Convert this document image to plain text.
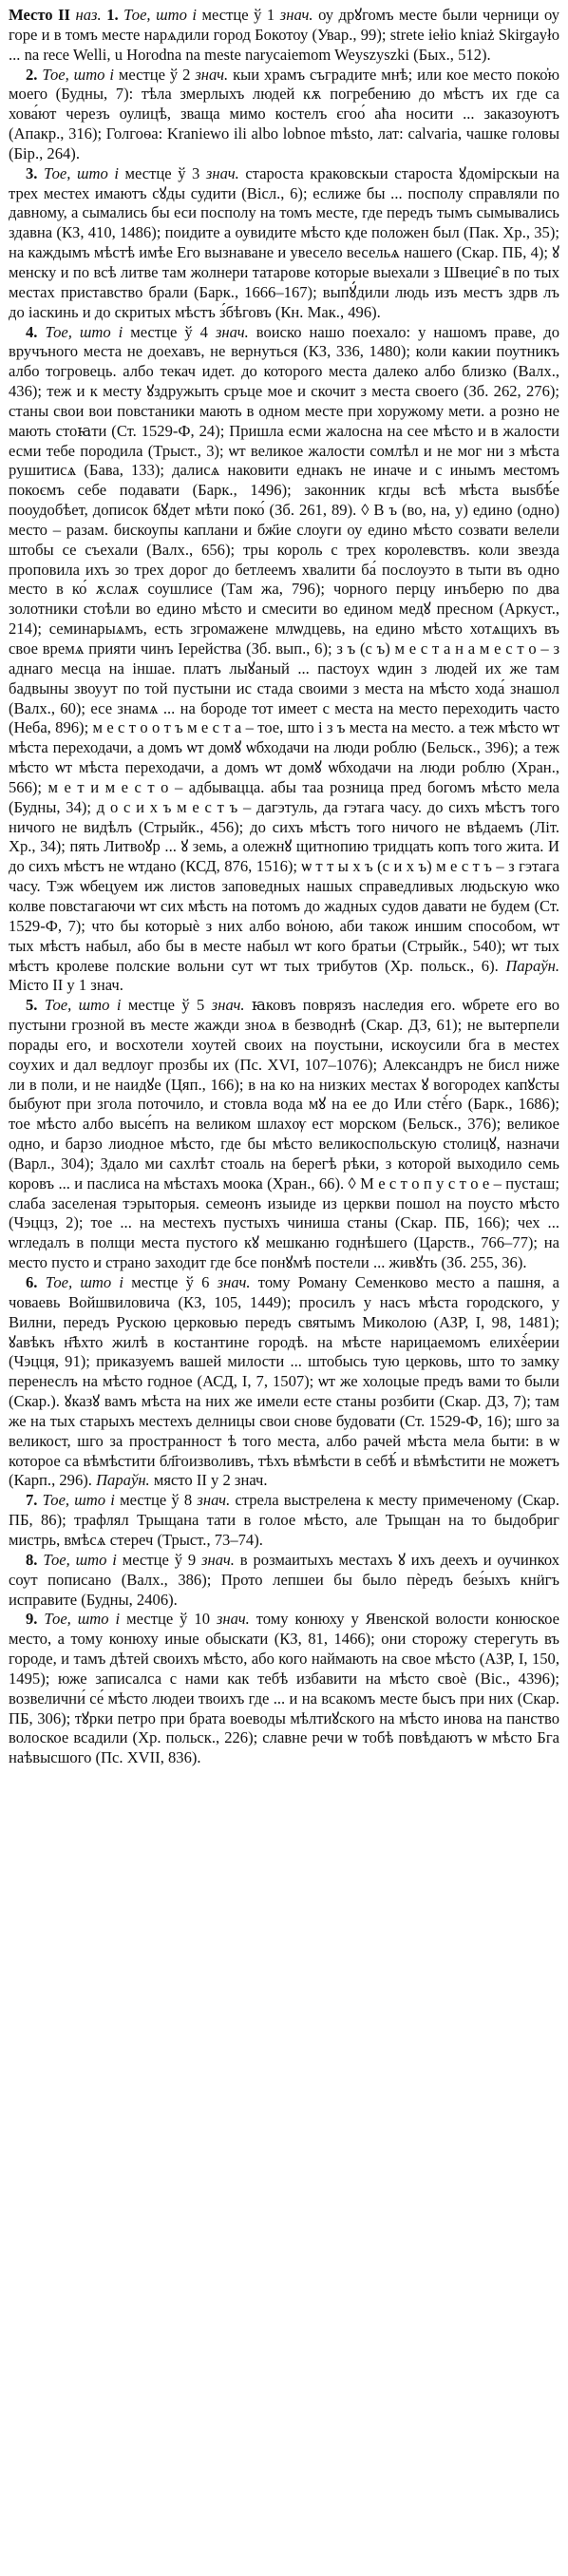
Место II наз. 1. Тое, што і местце ў 1 знач. оу дрꙋгомъ месте были черници оу горе и в томъ месте нарѧдили город Бокотоу (Увар., 99); strete iełio kniaż Skirgayło ... na rece Welli, u Horodna na meste narycaiemom Weyszyszki (Бых., 512).

2. Тое, што і местце ў 2 знач. кыи храмъ съградите мнѣ; или кое место поко҆ю моего (Будны, 7): тѣла змерлыхъ людей кѫ погребению до мѣстъ их где са хова́ют черезъ оулицѣ, зваща мимо костелъ єгоо́ аћа носити ... заказоуютъ (Апакр., 316); Голгоѳа: Kraniеwo ili albo lobnoe mѣsto, лат: calvaria, чашке головы (Бір., 264).

3. Тое, што і местце ў 3 знач. староста краковскыи староста ꙋдомiрскыи на трех местех имаютъ сꙋды судити (Віcл., 6); еслиже бы ... посполу справляли по давному, а сымались бы еси посполу на томъ месте, где передъ тымъ сымывались здавна (КЗ, 410, 1486); поидите а оувидите мѣсто кде положен был (Пак. Хр., 35); на каждымъ мѣстѣ имѣе Его вызнаване и увесело весельѧ нашего (Скар. ПБ, 4); ꙋ менску и по всѣ литве там жолнери татарове которые выехали з Швецие̑ в по тых местах приставство брали (Барк., 1666–167); выпꙋ́дили людь изъ местъ здрв лъ до іаскинь и до скритых мѣстъ з́бѣговъ (Кн. Мак., 496).

4. Тое, што і местце ў 4 знач. воиско нашо поехало: у нашомъ праве, до вручъного места не доехавъ, не вернуться (КЗ, 336, 1480); коли какии поутникъ албо тогровець. албо текач идет. до которого места далеко албо близко (Валх., 436); теж и к месту ꙋздружыть сръце мое и скочит з места своего (Зб. 262, 276); станы свои вои повстаники мають в одном месте при хоружому мети. а розно не мають стоꙗти (Ст. 1529-Ф, 24); Пришла есми жалосна на сее мѣсто и в жалости есми тебе породила (Трыст., 3); ѡт великое жалости сомлѣл и не мог ни з мѣста рушитисѧ (Бава, 133); далисѧ наковити еднакъ не иначе и с инымъ меcтомъ покоємъ себе подавати (Барк., 1496); законник кгды всѣ мѣста выѕбѣ́е пооудобѣет, дописок бꙋдет мѣти поко́ (Зб. 261, 89). ◊ В ъ (во, на, у) едино (одно) место – разам. бискоупы каплани и бж҃ие слоуги оу едино мѣсто созвати велели штобы се съехали (Валх., 656); тры король с трех королевствъ. коли звезда проповила ихъ зо трех дорог до бетлеемъ хвалити ба́ послоуэто в тыти въ одно место в ко́ ѫслаѫ соушлисе (Там жа, 796); чорного перцу инъберю по два золотники стоѣли во едино мѣсто и смесити во едином медꙋ пресном (Аркуст., 214); семинарыѧмъ, есть згромажене млѡдцевь, на едино мѣсто хотѧщихъ въ свое времѧ прияти чинъ Іерейства (Зб. вып., 6); з ъ (с ъ) м е с т а н а м е с т о – з аднаго месца на іншае. платъ лыꙋаный ... пастоух ѡдин з людей их же там бадвыны звоуут по той пустыни ис стада своими з места на мѣсто хода́ знашол (Валх., 60); есе знамѧ ... на бороде тот имеет с места на место переходить часто (Неба, 896); м е с т о о т ъ м е с т а – тое, што і з ъ места на место. а теж мѣсто ѡт мѣста переходачи, а домъ ѡт домꙋ ѡбходачи на люди роблю (Бельск., 396); а теж мѣсто ѡт мѣста переходачи, а домъ ѡт домꙋ ѡбходачи на люди роблю (Хран., 566); м е т и м е с т о – адбывацца. абы таа розница пред богомъ мѣсто мела (Будны, 34); д о с и х ъ м е с т ъ – дагэтуль, да гэтага часу. до сихъ мѣстъ того ничого не видѣлъ (Стрыйк., 456); до сихъ мѣстъ того ничого не вѣдаемъ (Літ. Хр., 34); пять Литвоꙋр ... ꙋ земь, а олежнꙋ щитнопию тридцать копъ того жита. И до сихъ мѣстъ не ѡтдано (КСД, 876, 1516); ѡ т т ы х ъ (с и х ъ) м е с т ъ – з гэтага часу. Тэж ѡбецуем иж листов заповедных нашых справедливых людьскую ѡко колве повстагаючи ѡт сих мѣсть на потомъ до жадных судов давати не будем (Ст. 1529-Ф, 7); что бы которыѐ з них албо во҆ною, аби також иншим способом, ѡт тых мѣстъ набыл, або бы в месте набыл ѡт кого братьи (Стрыйк., 540); ѡт тых мѣстъ кролеве полские вольни сут ѡт тых трибутов (Хр. польск., 6). Параўн. Місто II у 1 знач.

5. Тое, што і местце ў 5 знач. ꙗковъ поврязъ наследия его. ѡбрете его во пустыни грозной въ месте жажди зноѧ в безводнѣ (Скар. ДЗ, 61); не вытерпели порады его, и восхотели хоутей своих на поустыни, искоусили бга в местех соухих и дал ведлоуг прозбы их (Пс. XVI, 107–1076); Александръ не бисл ниже ли в поли, и не наидꙋе (Цяп., 166); в на ко на низких местах ꙋ вогородех капꙋсты быбуют при згола поточило, и стовлa вода мꙋ на ее до Или стѐ́го (Барк., 1686); тое мѣсто албо высе́пъ на великом шлахѹ ест морском (Бельск., 376); великое одно, и барзо лиодное мѣсто, где бы мѣсто великоспольскую столицꙋ, назначи (Варл., 304); Здало ми сахлѣт стоаль на берегѣ рѣки, з которой выходило семь коровъ ... и паслиса на мѣстахъ моока (Хран., 66). ◊ М е с т о п у с т о е – пусташ; слаба заселеная тэрыторыя. семеонъ изыиде из церкви пошол на поусто мѣсто (Чэццз, 2); тое ... на местехъ пустыхъ чиниша станы (Скар. ПБ, 166); чех ... ѡгледалъ в полщи места пустого кꙋ мешканю годнѣшего (Царств., 766–77); на место пусто и страно заходит где бсе понꙋмѣ постели ... живꙋть (Зб. 255, 36).

6. Тое, што і местце ў 6 знач. тому Роману Семенково место а пашня, а човаевь Войшвиловича (КЗ, 105, 1449); просилъ у насъ мѣста городского, у Вилни, передъ Рускою церковью передъ святымъ Миколою (АЗР, I, 98, 1481); ꙋавѣкъ н҃ѣхто жилѣ в костантине городѣ. на мѣсте нарицаемомъ елихѐ́ерии (Чэцця, 91); приказуемъ вашей милости ... штобысь тую церковь, што то замку перенеслъ на мѣсто годное (АСД, I, 7, 1507); ѡт же холоцые предъ вами то были (Скар.). ꙋказꙋ вамъ мѣста на них же имели есте станы розбити (Скар. ДЗ, 7); там же на тых старыхъ местехъ делницы свои снове будовати (Ст. 1529-Ф, 16); шго за великост, шго за пространност ѣ того места, албо рачей мѣста мела быти: в ѡ которое са вѣмѣстити бл҃гоизволивъ, тѣхъ вѣмѣсти в себѣ́ и вѣмѣстити не можетъ (Карп., 296). Параўн. място II у 2 знач.

7. Тое, што і местце ў 8 знач. стрела выстрелена к месту примеченому (Скар. ПБ, 86); трафлял Трыщана тати в голое мѣсто, але Трыщан на то быдобриг мистрь, вмѣсѧ стереч (Трыст., 73–74).

8. Тое, што і местце ў 9 знач. в розмаитыхъ местахъ ꙋ ихъ деехъ и оучинкох соут пописано (Валх., 386); Прото лепшеи бы было пѐредъ без́ыхъ кнӥгъ исправите (Будны, 2406).

9. Тое, што і местце ў 10 знач. тому конюху у Явенской волости конюское место, а тому конюху иные обыскати (КЗ, 81, 1466); они сторожу стерегуть въ городе, и тамъ дѣтей своихъ мѣсто, або кого наймають на свое мѣсто (АЗР, I, 150, 1495); юже записалса с нами как тебѣ избавити на мѣсто своѐ (Віс., 4396); возвелични́ се́ мѣсто людеи твоихъ где ... и на всакомъ месте бысъ при них (Скар. ПБ, 306); тꙋрки петро при брата воеводы мѣлтиꙋского на мѣсто инова на панство волоское всадили (Хр. польск., 226); славне речи ѡ тобѣ повѣдаютъ ѡ мѣсто Бга наѣвысшого (Пс. XVII, 836).
